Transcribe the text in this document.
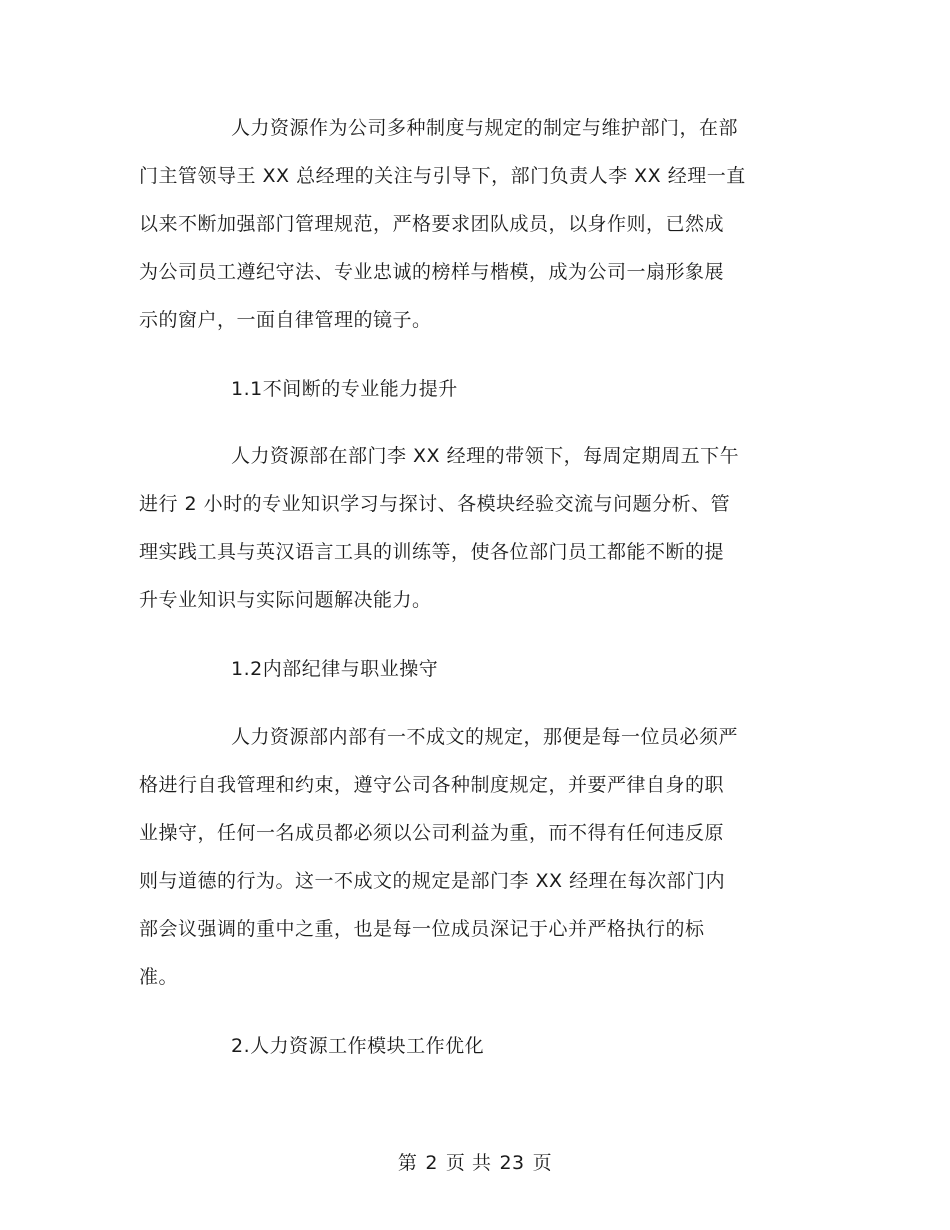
人力资源作为公司多种制度与规定的制定与维护部门，在部
门主管领导王 XX 总经理的关注与引导下，部门负责人李 XX 经理一直
以来不断加强部门管理规范，严格要求团队成员，以身作则，已然成
为公司员工遵纪守法、专业忠诚的榜样与楷模，成为公司一扇形象展
示的窗户，一面自律管理的镜子。
1.1不间断的专业能力提升
人力资源部在部门李 XX 经理的带领下，每周定期周五下午
进行 2 小时的专业知识学习与探讨、各模块经验交流与问题分析、管
理实践工具与英汉语言工具的训练等，使各位部门员工都能不断的提
升专业知识与实际问题解决能力。
1.2内部纪律与职业操守
人力资源部内部有一不成文的规定，那便是每一位员必须严
格进行自我管理和约束，遵守公司各种制度规定，并要严律自身的职
业操守，任何一名成员都必须以公司利益为重，而不得有任何违反原
则与道德的行为。这一不成文的规定是部门李 XX 经理在每次部门内
部会议强调的重中之重，也是每一位成员深记于心并严格执行的标
准。
2.人力资源工作模块工作优化
第 2 页 共 23 页
